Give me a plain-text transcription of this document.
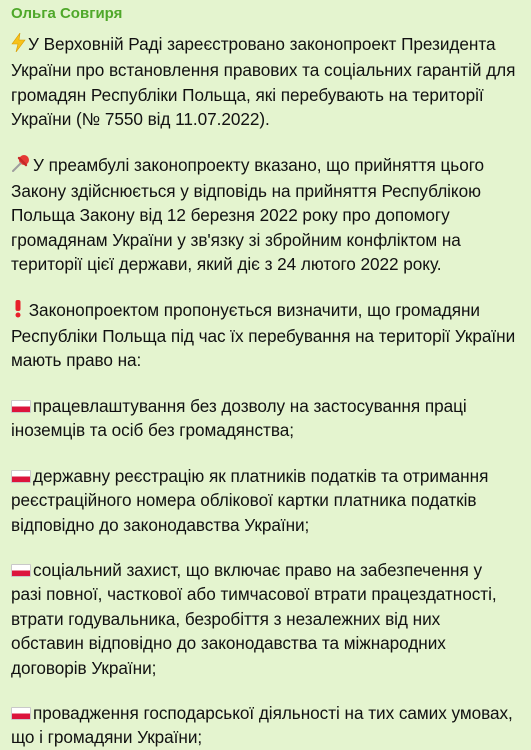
Ольга Совгиря
У Верховній Раді зареєстровано законопроект Президента України про встановлення правових та соціальних гарантій для громадян Республіки Польща, які перебувають на території України (№ 7550 від 11.07.2022).
У преамбулі законопроекту вказано, що прийняття цього Закону здійснюється у відповідь на прийняття Республікою Польща Закону від 12 березня 2022 року про допомогу громадянам України у зв'язку зі збройним конфліктом на території цієї держави, який діє з 24 лютого 2022 року.
Законопроектом пропонується визначити, що громадяни Республіки Польща під час їх перебування на території України мають право на:
працевлаштування без дозволу на застосування праці іноземців та осіб без громадянства;
державну реєстрацію як платників податків та отримання реєстраційного номера облікової картки платника податків відповідно до законодавства України;
соціальний захист, що включає право на забезпечення у разі повної, часткової або тимчасової втрати працездатності, втрати годувальника, безробіття з незалежних від них обставин відповідно до законодавства та міжнародних договорів України;
провадження господарської діяльності на тих самих умовах, що і громадяни України;
